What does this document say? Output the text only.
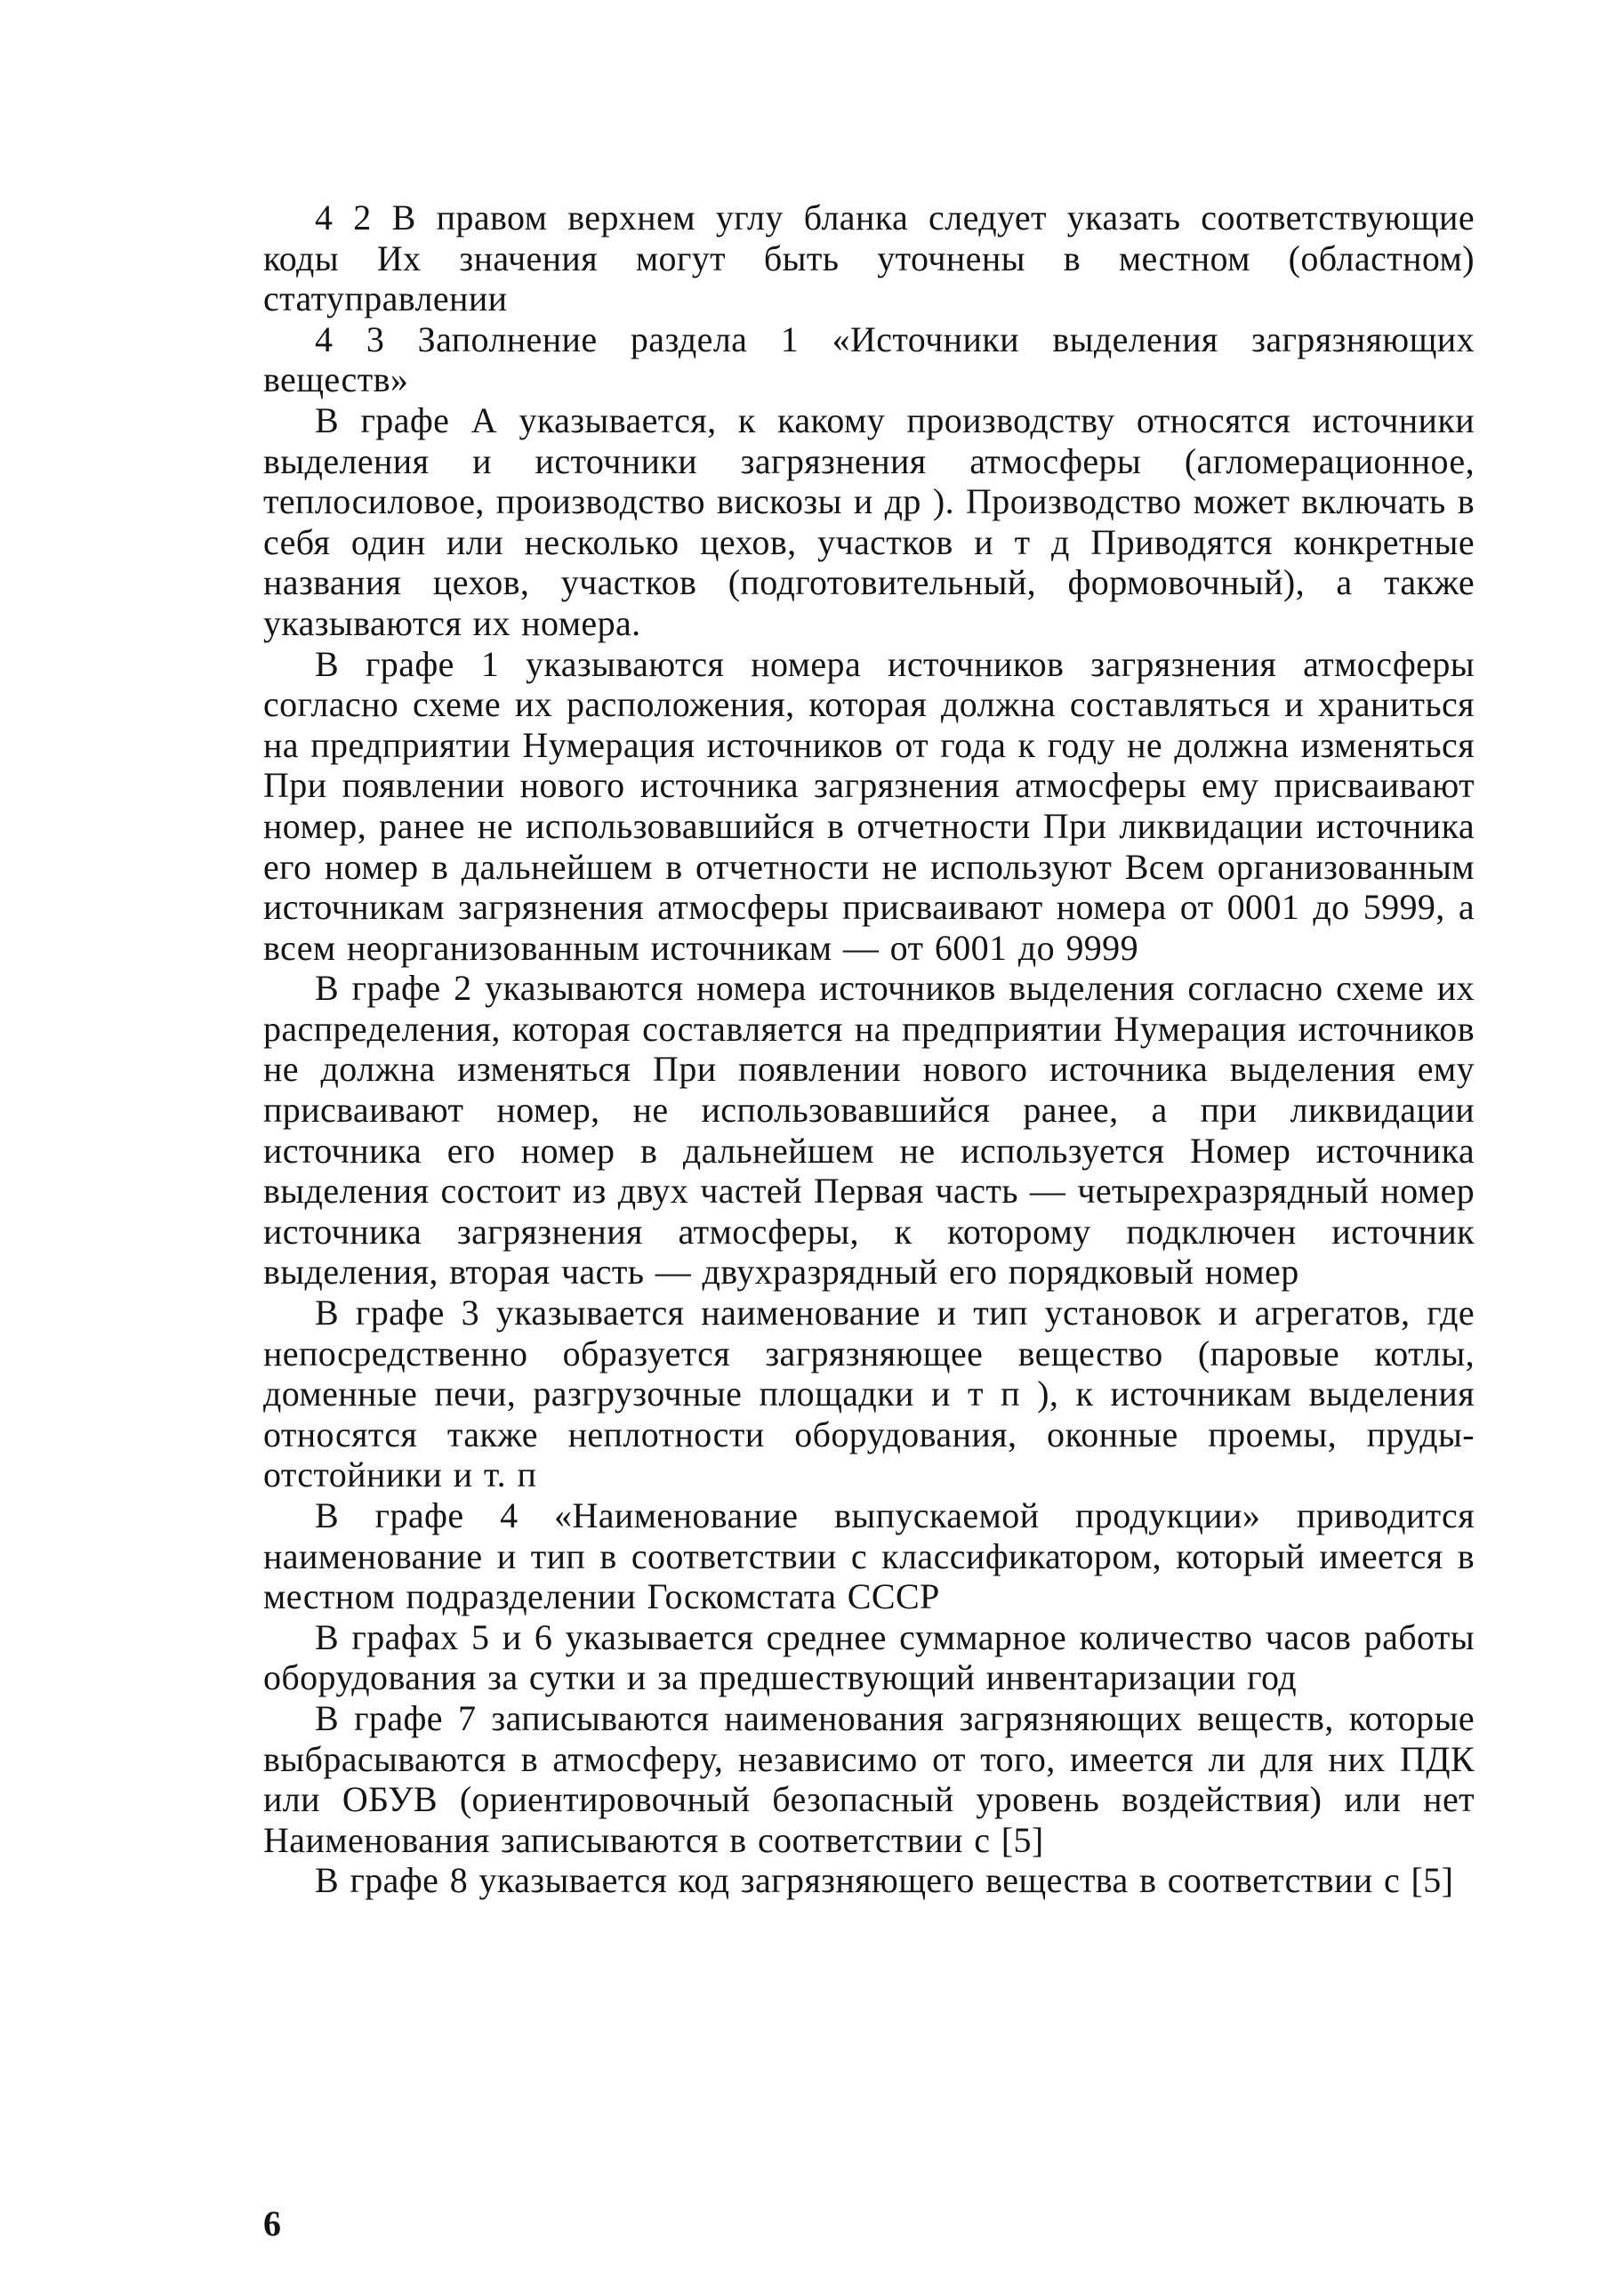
4 2 В правом верхнем углу бланка следует указать соответствующие коды Их значения могут быть уточнены в местном (областном) статуправлении

4 3 Заполнение раздела 1 «Источники выделения загрязняющих веществ»

В графе А указывается, к какому производству относятся источники выделения и источники загрязнения атмосферы (агломерационное, теплосиловое, производство вискозы и др ). Производство может включать в себя один или несколько цехов, участков и т д Приводятся конкретные названия цехов, участков (подготовительный, формовочный), а также указываются их номера.

В графе 1 указываются номера источников загрязнения атмосферы согласно схеме их расположения, которая должна составляться и храниться на предприятии Нумерация источников от года к году не должна изменяться При появлении нового источника загрязнения атмосферы ему присваивают номер, ранее не использовавшийся в отчетности При ликвидации источника его номер в дальнейшем в отчетности не используют Всем организованным источникам загрязнения атмосферы присваивают номера от 0001 до 5999, а всем неорганизованным источникам — от 6001 до 9999

В графе 2 указываются номера источников выделения согласно схеме их распределения, которая составляется на предприятии Нумерация источников не должна изменяться При появлении нового источника выделения ему присваивают номер, не использовавшийся ранее, а при ликвидации источника его номер в дальнейшем не используется Номер источника выделения состоит из двух частей Первая часть — четырехразрядный номер источника загрязнения атмосферы, к которому подключен источник выделения, вторая часть — двухразрядный его порядковый номер

В графе 3 указывается наименование и тип установок и агрегатов, где непосредственно образуется загрязняющее вещество (паровые котлы, доменные печи, разгрузочные площадки и т п ), к источникам выделения относятся также неплотности оборудования, оконные проемы, пруды-отстойники и т. п

В графе 4 «Наименование выпускаемой продукции» приводится наименование и тип в соответствии с классификатором, который имеется в местном подразделении Госкомстата СССР

В графах 5 и 6 указывается среднее суммарное количество часов работы оборудования за сутки и за предшествующий инвентаризации год

В графе 7 записываются наименования загрязняющих веществ, которые выбрасываются в атмосферу, независимо от того, имеется ли для них ПДК или ОБУВ (ориентировочный безопасный уровень воздействия) или нет Наименования записываются в соответствии с [5]

В графе 8 указывается код загрязняющего вещества в соответствии с [5]

6
